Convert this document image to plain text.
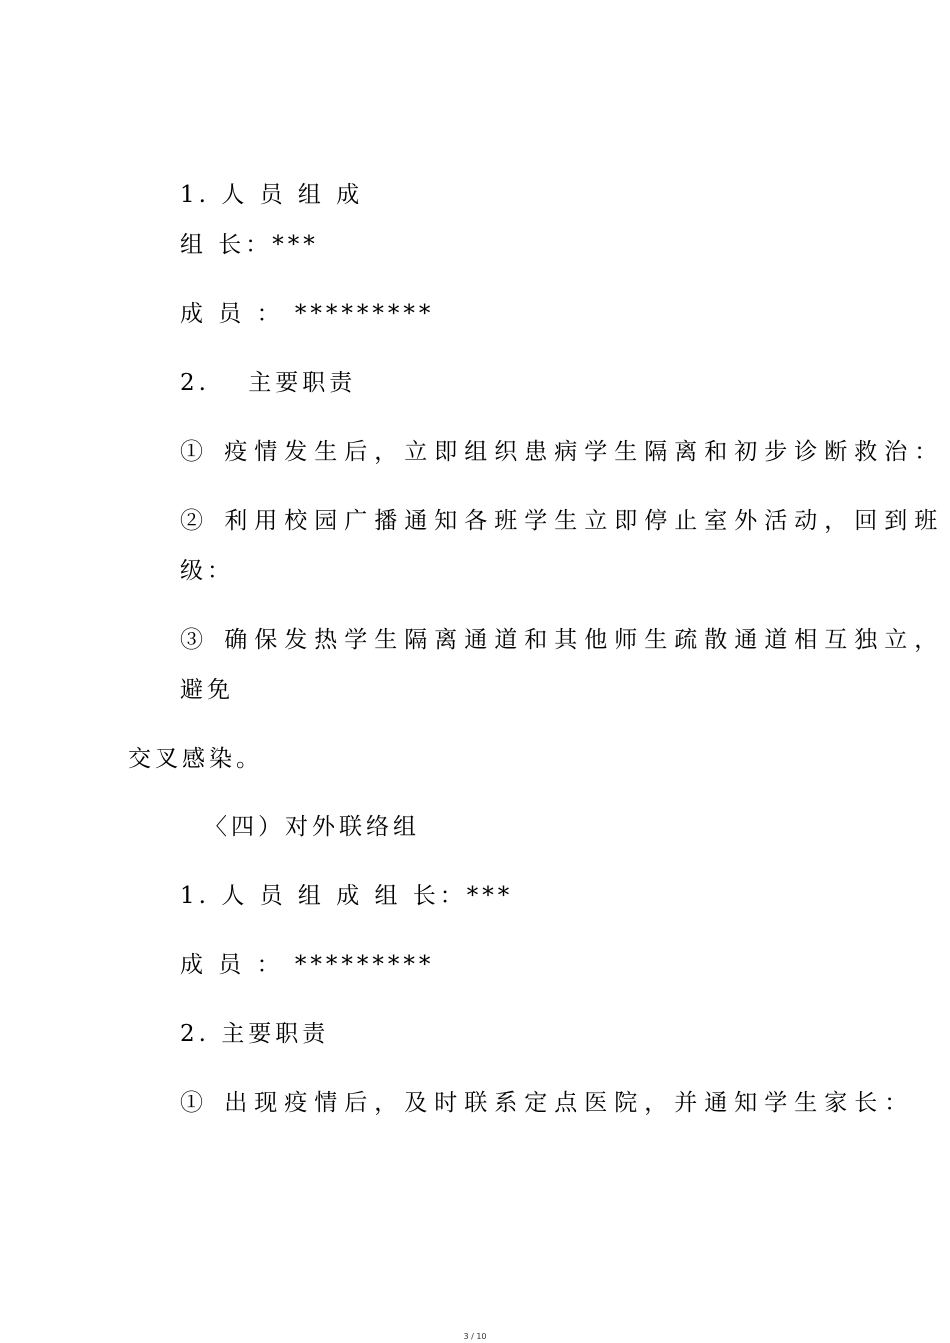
1. 人 员 组 成
组 长：***
成 员 ： *********
2.　 主要职责
① 疫情发生后，立即组织患病学生隔离和初步诊断救治：
② 利用校园广播通知各班学生立即停止室外活动，回到班
级：
③ 确保发热学生隔离通道和其他师生疏散通道相互独立，
避免
交叉感染。
〈四）对外联络组
1. 人 员 组 成 组 长：***
成 员 ： *********
2. 主要职责
① 出现疫情后，及时联系定点医院，并通知学生家长：
3 / 10
